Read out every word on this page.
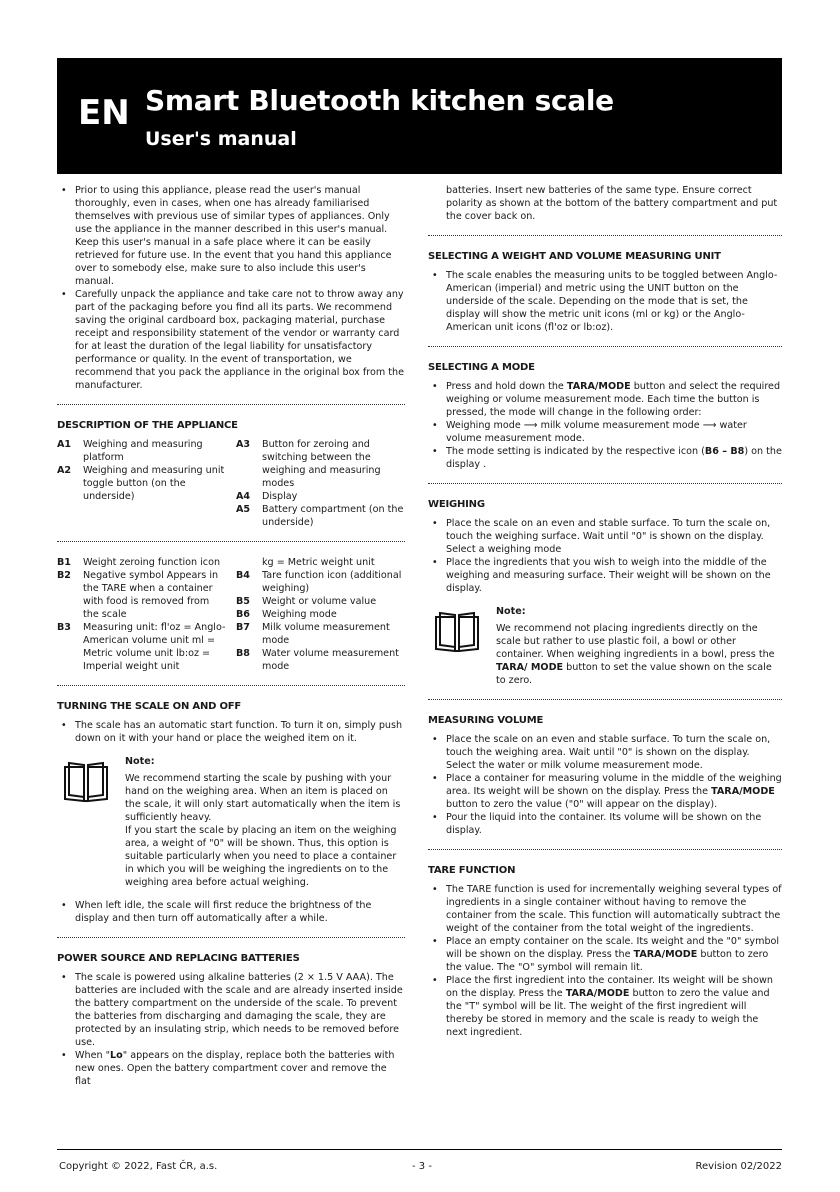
EN Smart Bluetooth kitchen scale
User's manual
• Prior to using this appliance, please read the user's manual thoroughly, even in cases, when one has already familiarised themselves with previous use of similar types of appliances. Only use the appliance in the manner described in this user's manual. Keep this user's manual in a safe place where it can be easily retrieved for future use. In the event that you hand this appliance over to somebody else, make sure to also include this user's manual.
• Carefully unpack the appliance and take care not to throw away any part of the packaging before you find all its parts. We recommend saving the original cardboard box, packaging material, purchase receipt and responsibility statement of the vendor or warranty card for at least the duration of the legal liability for unsatisfactory performance or quality. In the event of transportation, we recommend that you pack the appliance in the original box from the manufacturer.
DESCRIPTION OF THE APPLIANCE
A1	Weighing and measuring platform
A2	Weighing and measuring unit toggle button (on the underside)
A3	Button for zeroing and switching between the weighing and measuring modes
A4	Display
A5	Battery compartment (on the underside)
B1	Weight zeroing function icon
B2	Negative symbol Appears in the TARE when a container with food is removed from the scale
B3	Measuring unit: fl'oz = Anglo-American volume unit ml = Metric volume unit lb:oz = Imperial weight unit
kg = Metric weight unit
B4	Tare function icon (additional weighing)
B5	Weight or volume value
B6	Weighing mode
B7	Milk volume measurement mode
B8	Water volume measurement mode
TURNING THE SCALE ON AND OFF
• The scale has an automatic start function. To turn it on, simply push down on it with your hand or place the weighed item on it.
Note:
We recommend starting the scale by pushing with your hand on the weighing area. When an item is placed on the scale, it will only start automatically when the item is sufficiently heavy.
If you start the scale by placing an item on the weighing area, a weight of "0" will be shown. Thus, this option is suitable particularly when you need to place a container in which you will be weighing the ingredients on to the weighing area before actual weighing.
• When left idle, the scale will first reduce the brightness of the display and then turn off automatically after a while.
POWER SOURCE AND REPLACING BATTERIES
• The scale is powered using alkaline batteries (2 × 1.5 V AAA). The batteries are included with the scale and are already inserted inside the battery compartment on the underside of the scale. To prevent the batteries from discharging and damaging the scale, they are protected by an insulating strip, which needs to be removed before use.
• When "Lo" appears on the display, replace both the batteries with new ones. Open the battery compartment cover and remove the flat
batteries. Insert new batteries of the same type. Ensure correct polarity as shown at the bottom of the battery compartment and put the cover back on.
SELECTING A WEIGHT AND VOLUME MEASURING UNIT
• The scale enables the measuring units to be toggled between Anglo-American (imperial) and metric using the UNIT button on the underside of the scale. Depending on the mode that is set, the display will show the metric unit icons (ml or kg) or the Anglo-American unit icons (fl'oz or lb:oz).
SELECTING A MODE
• Press and hold down the TARA/MODE button and select the required weighing or volume measurement mode. Each time the button is pressed, the mode will change in the following order:
• Weighing mode ⟶ milk volume measurement mode ⟶ water volume measurement mode.
• The mode setting is indicated by the respective icon (B6 – B8) on the display .
WEIGHING
• Place the scale on an even and stable surface. To turn the scale on, touch the weighing surface. Wait until "0" is shown on the display. Select a weighing mode
• Place the ingredients that you wish to weigh into the middle of the weighing and measuring surface. Their weight will be shown on the display.
Note:
We recommend not placing ingredients directly on the scale but rather to use plastic foil, a bowl or other container. When weighing ingredients in a bowl, press the TARA/ MODE button to set the value shown on the scale to zero.
MEASURING VOLUME
• Place the scale on an even and stable surface. To turn the scale on, touch the weighing area. Wait until "0" is shown on the display. Select the water or milk volume measurement mode.
• Place a container for measuring volume in the middle of the weighing area. Its weight will be shown on the display. Press the TARA/MODE button to zero the value ("0" will appear on the display).
• Pour the liquid into the container. Its volume will be shown on the display.
TARE FUNCTION
• The TARE function is used for incrementally weighing several types of ingredients in a single container without having to remove the container from the scale. This function will automatically subtract the weight of the container from the total weight of the ingredients.
• Place an empty container on the scale. Its weight and the "0" symbol will be shown on the display. Press the TARA/MODE button to zero the value. The "O" symbol will remain lit.
• Place the first ingredient into the container. Its weight will be shown on the display. Press the TARA/MODE button to zero the value and the "T" symbol will be lit. The weight of the first ingredient will thereby be stored in memory and the scale is ready to weigh the next ingredient.
Copyright © 2022, Fast ČR, a.s.	- 3 -	Revision 02/2022
